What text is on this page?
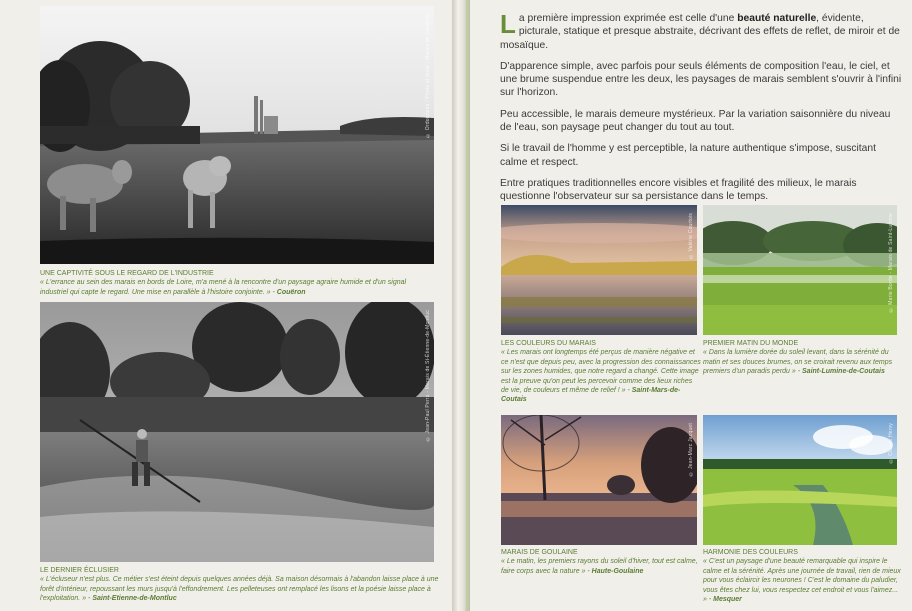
© Ordonneau / Photo et texte - Marais de Couëron
UNE CAPTIVITÉ SOUS LE REGARD DE L'INDUSTRIE
« L'errance au sein des marais en bords de Loire, m'a mené à la rencontre d'un paysage agraire humide et d'un signal industriel qui capte le regard. Une mise en parallèle à l'histoire conjointe. » - Couëron
© Jean-Paul Perru - Marais de St-Étienne-de-Montluc
LE DERNIER ÉCLUSIER
« L'écluseur n'est plus. Ce métier s'est éteint depuis quelques années déjà. Sa maison désormais à l'abandon laisse place à une forêt d'intérieur, repoussant les murs jusqu'à l'effondrement. Les pelleteuses ont remplacé les lisons et la poésie laisse place à l'exploitation. » - Saint-Etienne-de-Montluc

La première impression exprimée est celle d'une beauté naturelle, évidente, picturale, statique et presque abstraite, décrivant des effets de reflet, de miroir et de mosaïque.

D'apparence simple, avec parfois pour seuls éléments de composition l'eau, le ciel, et une brume suspendue entre les deux, les paysages de marais semblent s'ouvrir à l'infini sur l'horizon.

Peu accessible, le marais demeure mystérieux. Par la variation saisonnière du niveau de l'eau, son paysage peut changer du tout au tout.

Si le travail de l'homme y est perceptible, la nature authentique s'impose, suscitant calme et respect.

Entre pratiques traditionnelles encore visibles et fragilité des milieux, le marais questionne l'observateur sur sa persistance dans le temps.

© Valérie Courtois
LES COULEURS DU MARAIS
« Les marais ont longtemps été perçus de manière négative et ce n'est que depuis peu, avec la progression des connaissances sur les zones humides, que notre regard a changé. Cette image est la preuve qu'on peut les percevoir comme des lieux riches de vie, de couleurs et même de relief ! » - Saint-Mars-de-Coutais
© Marie Borde - Marais de Saint-Lumine
PREMIER MATIN DU MONDE
« Dans la lumière dorée du soleil levant, dans la sérénité du matin et ses douces brumes, on se croirait revenu aux temps premiers d'un paradis perdu » - Saint-Lumine-de-Coutais
© Jean-Marc Jacquet
MARAIS DE GOULAINE
« Le matin, les premiers rayons du soleil d'hiver, tout est calme, faire corps avec la nature » - Haute-Goulaine
© Claude Hervy
HARMONIE DES COULEURS
« C'est un paysage d'une beauté remarquable qui inspire le calme et la sérénité. Après une journée de travail, rien de mieux pour vous éclaircir les neurones ! C'est le domaine du paludier, vous êtes chez lui, vous respectez cet endroit et vous l'aimez... » - Mesquer
